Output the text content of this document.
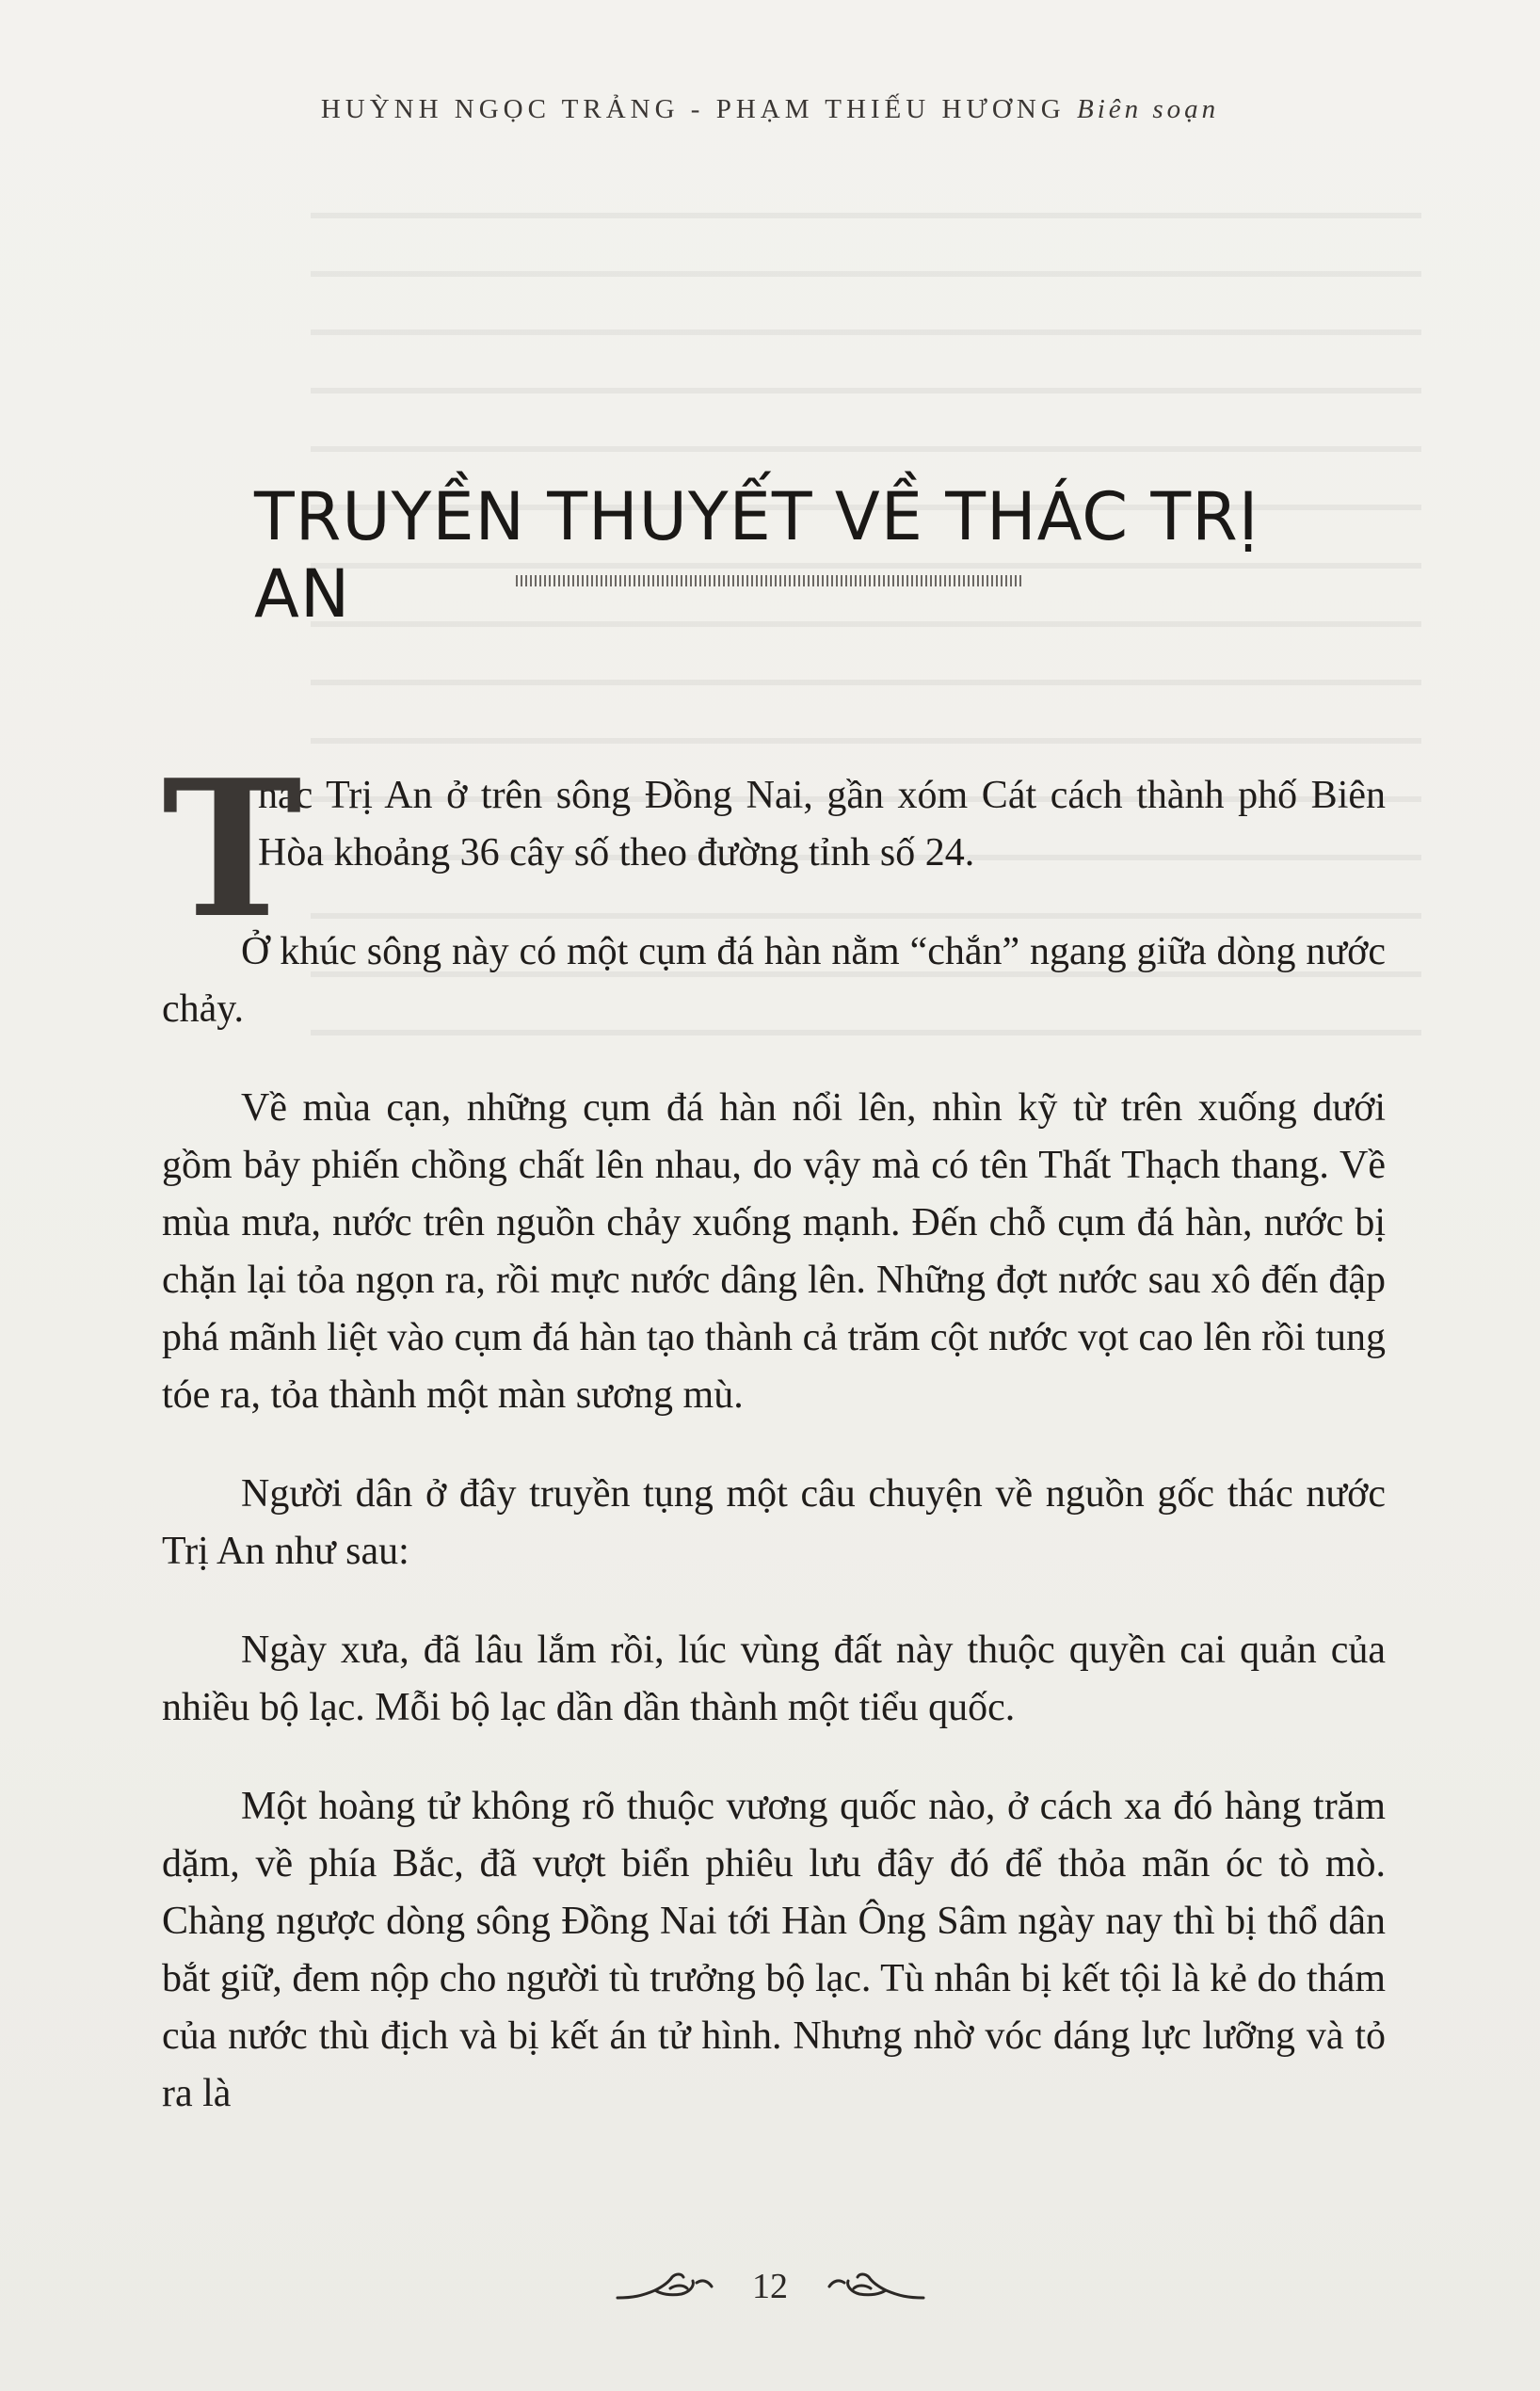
HUỲNH NGỌC TRẢNG - PHẠM THIẾU HƯƠNG Biên soạn
TRUYỀN THUYẾT VỀ THÁC TRỊ AN

T
hác Trị An ở trên sông Đồng Nai, gần xóm Cát cách thành phố Biên Hòa khoảng 36 cây số theo đường tỉnh số 24.

Ở khúc sông này có một cụm đá hàn nằm “chắn” ngang giữa dòng nước chảy.

Về mùa cạn, những cụm đá hàn nổi lên, nhìn kỹ từ trên xuống dưới gồm bảy phiến chồng chất lên nhau, do vậy mà có tên Thất Thạch thang. Về mùa mưa, nước trên nguồn chảy xuống mạnh. Đến chỗ cụm đá hàn, nước bị chặn lại tỏa ngọn ra, rồi mực nước dâng lên. Những đợt nước sau xô đến đập phá mãnh liệt vào cụm đá hàn tạo thành cả trăm cột nước vọt cao lên rồi tung tóe ra, tỏa thành một màn sương mù.

Người dân ở đây truyền tụng một câu chuyện về nguồn gốc thác nước Trị An như sau:

Ngày xưa, đã lâu lắm rồi, lúc vùng đất này thuộc quyền cai quản của nhiều bộ lạc. Mỗi bộ lạc dần dần thành một tiểu quốc.

Một hoàng tử không rõ thuộc vương quốc nào, ở cách xa đó hàng trăm dặm, về phía Bắc, đã vượt biển phiêu lưu đây đó để thỏa mãn óc tò mò. Chàng ngược dòng sông Đồng Nai tới Hàn Ông Sâm ngày nay thì bị thổ dân bắt giữ, đem nộp cho người tù trưởng bộ lạc. Tù nhân bị kết tội là kẻ do thám của nước thù địch và bị kết án tử hình. Nhưng nhờ vóc dáng lực lưỡng và tỏ ra là

12
